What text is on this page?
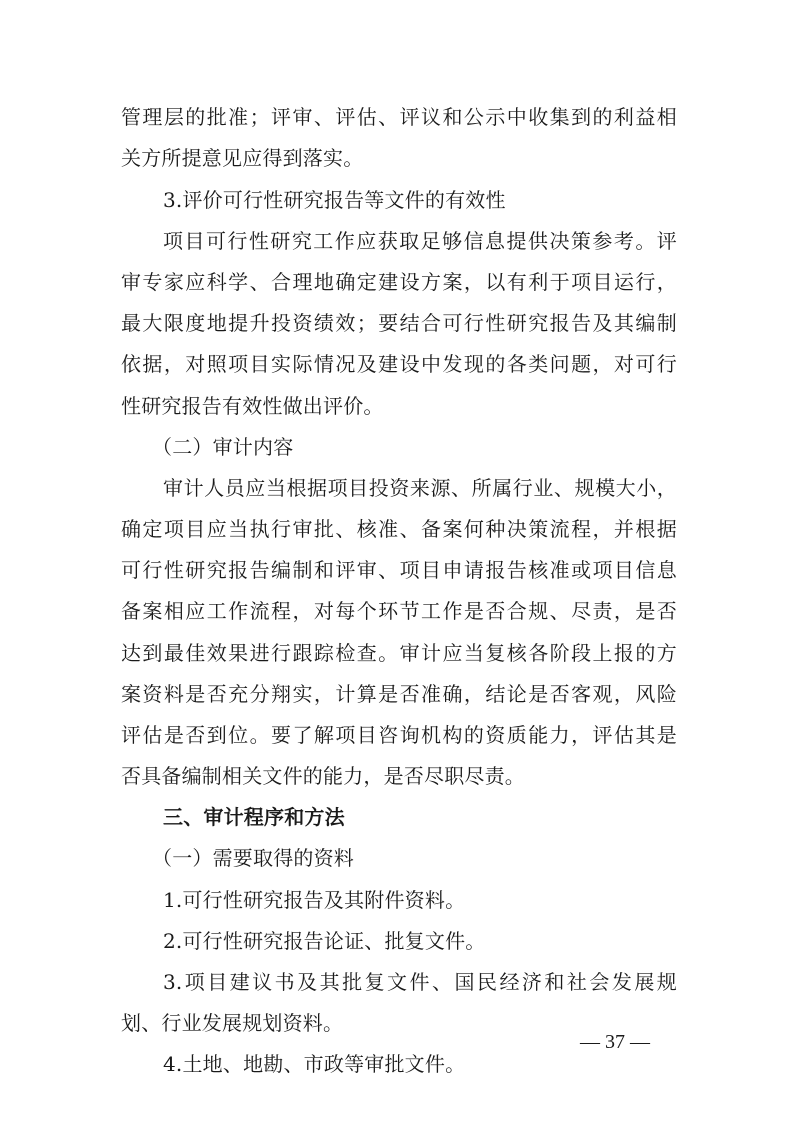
管理层的批准；评审、评估、评议和公示中收集到的利益相
关方所提意见应得到落实。
3.评价可行性研究报告等文件的有效性
项目可行性研究工作应获取足够信息提供决策参考。评
审专家应科学、合理地确定建设方案，以有利于项目运行，
最大限度地提升投资绩效；要结合可行性研究报告及其编制
依据，对照项目实际情况及建设中发现的各类问题，对可行
性研究报告有效性做出评价。
（二）审计内容
审计人员应当根据项目投资来源、所属行业、规模大小，
确定项目应当执行审批、核准、备案何种决策流程，并根据
可行性研究报告编制和评审、项目申请报告核准或项目信息
备案相应工作流程，对每个环节工作是否合规、尽责，是否
达到最佳效果进行跟踪检查。审计应当复核各阶段上报的方
案资料是否充分翔实，计算是否准确，结论是否客观，风险
评估是否到位。要了解项目咨询机构的资质能力，评估其是
否具备编制相关文件的能力，是否尽职尽责。
三、审计程序和方法
（一）需要取得的资料
1.可行性研究报告及其附件资料。
2.可行性研究报告论证、批复文件。
3.项目建议书及其批复文件、国民经济和社会发展规
划、行业发展规划资料。
4.土地、地勘、市政等审批文件。
— 37 —
